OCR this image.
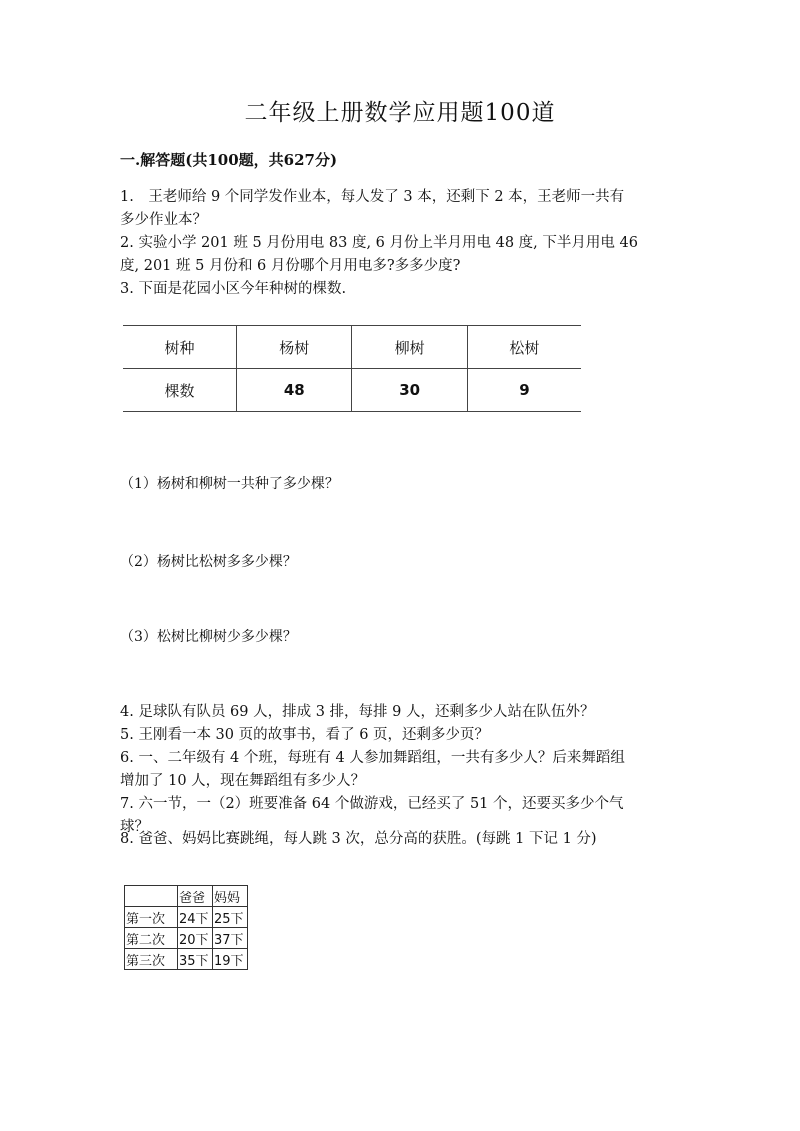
二年级上册数学应用题100道
一.解答题(共100题，共627分)
1.　王老师给 9 个同学发作业本，每人发了 3 本，还剩下 2 本，王老师一共有
多少作业本？
2. 实验小学 201 班 5 月份用电 83 度, 6 月份上半月用电 48 度, 下半月用电 46
度, 201 班 5 月份和 6 月份哪个月用电多?多多少度?
3. 下面是花园小区今年种树的棵数.
树种	杨树	柳树	松树
棵数	48	30	9
（1）杨树和柳树一共种了多少棵？
（2）杨树比松树多多少棵？
（3）松树比柳树少多少棵？
4. 足球队有队员 69 人，排成 3 排，每排 9 人，还剩多少人站在队伍外？
5. 王刚看一本 30 页的故事书，看了 6 页，还剩多少页？
6. 一、二年级有 4 个班，每班有 4 人参加舞蹈组，一共有多少人？后来舞蹈组
增加了 10 人，现在舞蹈组有多少人？
7. 六一节，一（2）班要准备 64 个做游戏，已经买了 51 个，还要买多少个气
球？
8. 爸爸、妈妈比赛跳绳，每人跳 3 次，总分高的获胜。(每跳 1 下记 1 分)
	爸爸	妈妈
第一次	24下	25下
第二次	20下	37下
第三次	35下	19下
